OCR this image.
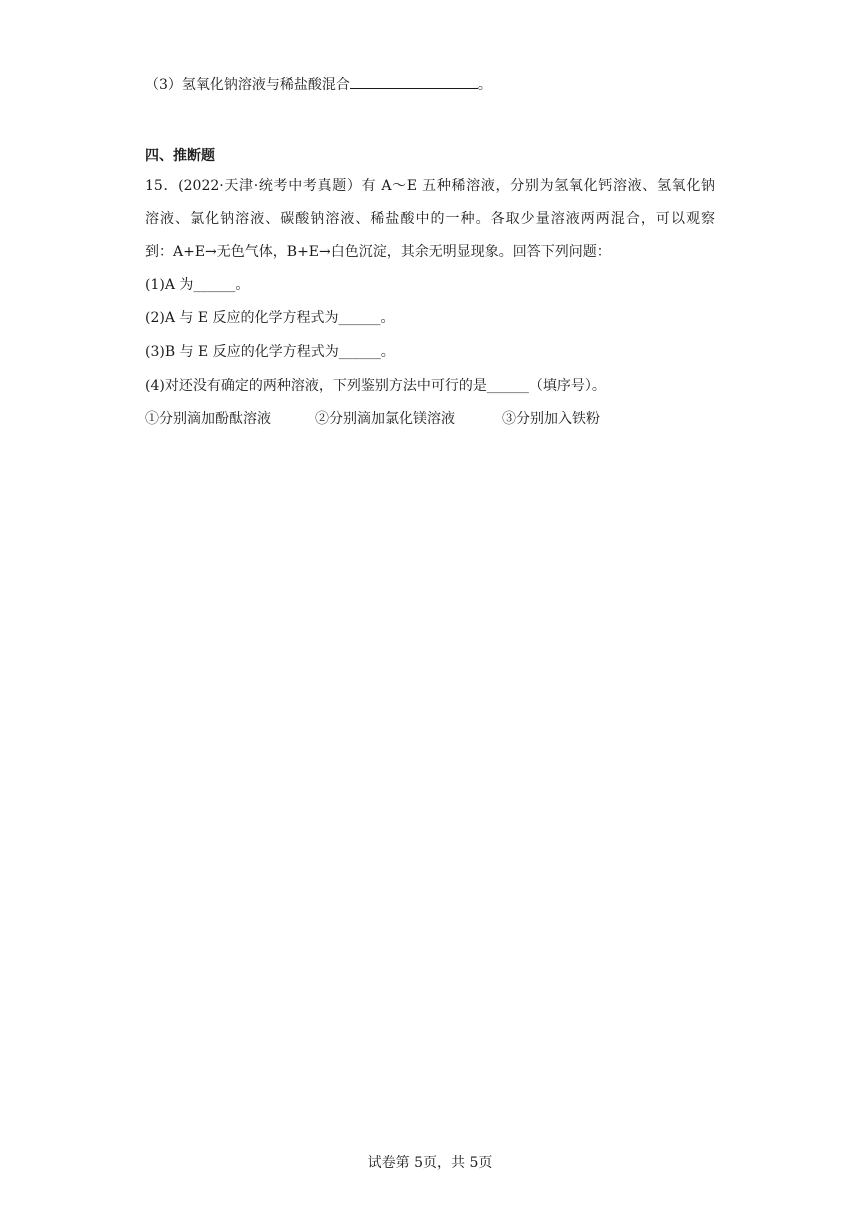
（3）氢氧化钠溶液与稀盐酸混合	。
四、推断题
15．(2022·天津·统考中考真题）有 A～E 五种稀溶液，分别为氢氧化钙溶液、氢氧化钠
溶液、氯化钠溶液、碳酸钠溶液、稀盐酸中的一种。各取少量溶液两两混合，可以观察
到：A+E→无色气体，B+E→白色沉淀，其余无明显现象。回答下列问题：
(1)A 为______。
(2)A 与 E 反应的化学方程式为______。
(3)B 与 E 反应的化学方程式为______。
(4)对还没有确定的两种溶液，下列鉴别方法中可行的是______（填序号）。
①分别滴加酚酞溶液	②分别滴加氯化镁溶液	③分别加入铁粉
试卷第 5页，共 5页
